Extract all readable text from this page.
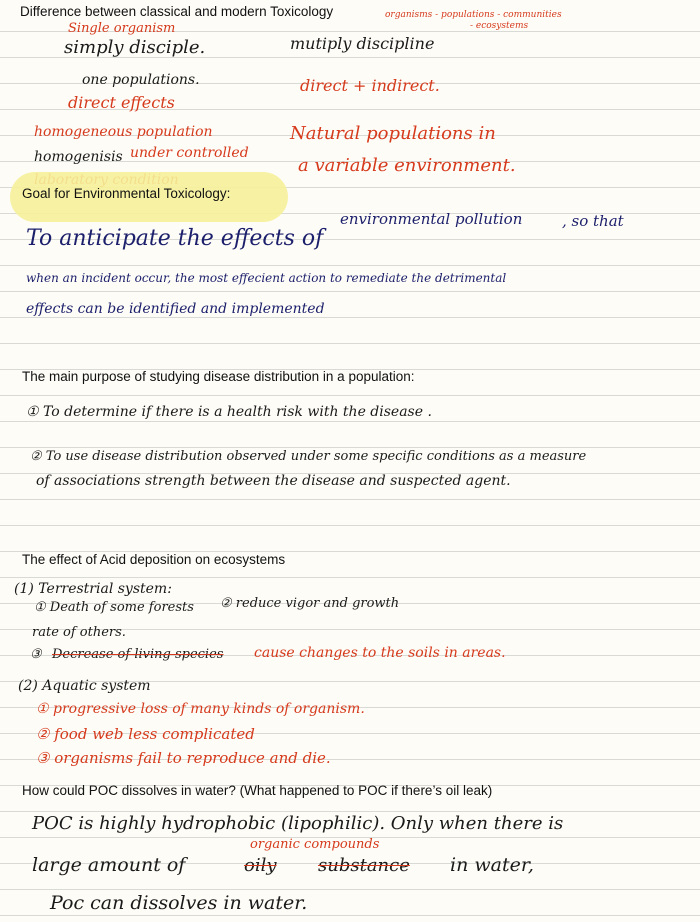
Difference between classical and modern Toxicology	organisms - populations - communities
- ecosystems
Single organism
simply disciple.	mutiply discipline
one populations.	direct + indirect.
direct effects
homogeneous population	Natural populations in
homogenisis under controlled
a variable environment.
Goal for Environmental Toxicology:
To anticipate the effects of
environmental pollution	, so that
when an incident occur, the most effecient action to remediate the detrimental
effects can be identified and implemented
The main purpose of studying disease distribution in a population:
① To determine if there is a health risk with the disease .
② To use disease distribution observed under some specific conditions as a measure
of associations strength between the disease and suspected agent.
The effect of Acid deposition on ecosystems
(1) Terrestrial system:
① Death of some forests ② reduce vigor and growth
rate of others.
③ Decrease of living species cause changes to the soils in areas.
(2) Aquatic system
① progressive loss of many kinds of organism.
② food web less complicated
③ organisms fail to reproduce and die.
How could POC dissolves in water? (What happened to POC if there’s oil leak)
POC is highly hydrophobic (lipophilic). Only when there is
organic compounds
large amount of	oily substance in water,
Poc can dissolves in water.
